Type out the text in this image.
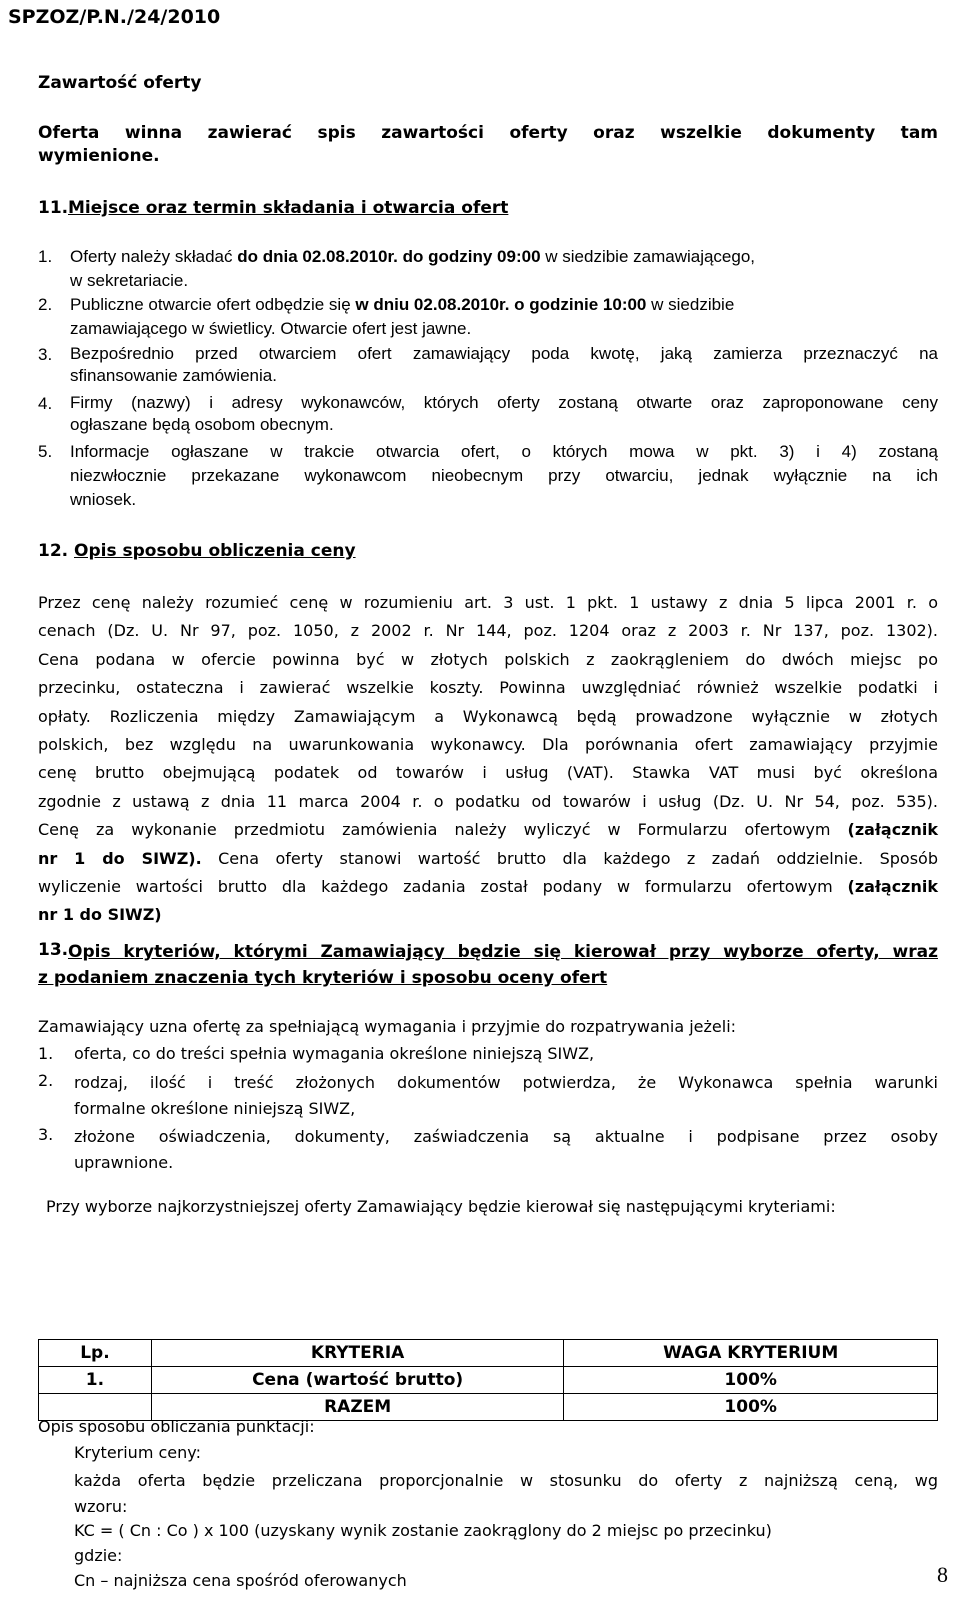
SPZOZ/P.N./24/2010
Zawartość oferty
Oferta winna zawierać spis zawartości oferty oraz wszelkie dokumenty tam
wymienione.
11. Miejsce oraz termin składania i otwarcia ofert
1. Oferty należy składać do dnia 02.08.2010r. do godziny 09:00 w siedzibie zamawiającego,
w sekretariacie.
2. Publiczne otwarcie ofert odbędzie się w dniu 02.08.2010r. o godzinie 10:00 w siedzibie
zamawiającego w świetlicy. Otwarcie ofert jest jawne.
3. Bezpośrednio przed otwarciem ofert zamawiający poda kwotę, jaką zamierza przeznaczyć na
sfinansowanie zamówienia.
4. Firmy (nazwy) i adresy wykonawców, których oferty zostaną otwarte oraz zaproponowane ceny
ogłaszane będą osobom obecnym.
5. Informacje ogłaszane w trakcie otwarcia ofert, o których mowa w pkt. 3) i 4) zostaną
niezwłocznie przekazane wykonawcom nieobecnym przy otwarciu, jednak wyłącznie na ich
wniosek.
12. Opis sposobu obliczenia ceny
Przez cenę należy rozumieć cenę w rozumieniu art. 3 ust. 1 pkt. 1 ustawy z dnia 5 lipca 2001 r. o
cenach (Dz. U. Nr 97, poz. 1050, z 2002 r. Nr 144, poz. 1204 oraz z 2003 r. Nr 137, poz. 1302).
Cena podana w ofercie powinna być w złotych polskich z zaokrągleniem do dwóch miejsc po
przecinku, ostateczna i zawierać wszelkie koszty. Powinna uwzględniać również wszelkie podatki i
opłaty. Rozliczenia między Zamawiającym a Wykonawcą będą prowadzone wyłącznie w złotych
polskich, bez względu na uwarunkowania wykonawcy. Dla porównania ofert zamawiający przyjmie
cenę brutto obejmującą podatek od towarów i usług (VAT). Stawka VAT musi być określona
zgodnie z ustawą z dnia 11 marca 2004 r. o podatku od towarów i usług (Dz. U. Nr 54, poz. 535).
Cenę za wykonanie przedmiotu zamówienia należy wyliczyć w Formularzu ofertowym (załącznik
nr 1 do SIWZ). Cena oferty stanowi wartość brutto dla każdego z zadań oddzielnie. Sposób
wyliczenie wartości brutto dla każdego zadania został podany w formularzu ofertowym (załącznik
nr 1 do SIWZ)
13. Opis kryteriów, którymi Zamawiający będzie się kierował przy wyborze oferty, wraz
z podaniem znaczenia tych kryteriów i sposobu oceny ofert
Zamawiający uzna ofertę za spełniającą wymagania i przyjmie do rozpatrywania jeżeli:
1. oferta, co do treści spełnia wymagania określone niniejszą SIWZ,
2. rodzaj, ilość i treść złożonych dokumentów potwierdza, że Wykonawca spełnia warunki
formalne określone niniejszą SIWZ,
3. złożone oświadczenia, dokumenty, zaświadczenia są aktualne i podpisane przez osoby
uprawnione.
Przy wyborze najkorzystniejszej oferty Zamawiający będzie kierował się następującymi kryteriami:
Lp.	KRYTERIA	WAGA KRYTERIUM
1.	Cena (wartość brutto)	100%
	RAZEM	100%
Opis sposobu obliczania punktacji:
Kryterium ceny:
każda oferta będzie przeliczana proporcjonalnie w stosunku do oferty z najniższą ceną, wg
wzoru:
KC = ( Cn : Co ) x 100 (uzyskany wynik zostanie zaokrąglony do 2 miejsc po przecinku)
gdzie:
Cn – najniższa cena spośród oferowanych	8
